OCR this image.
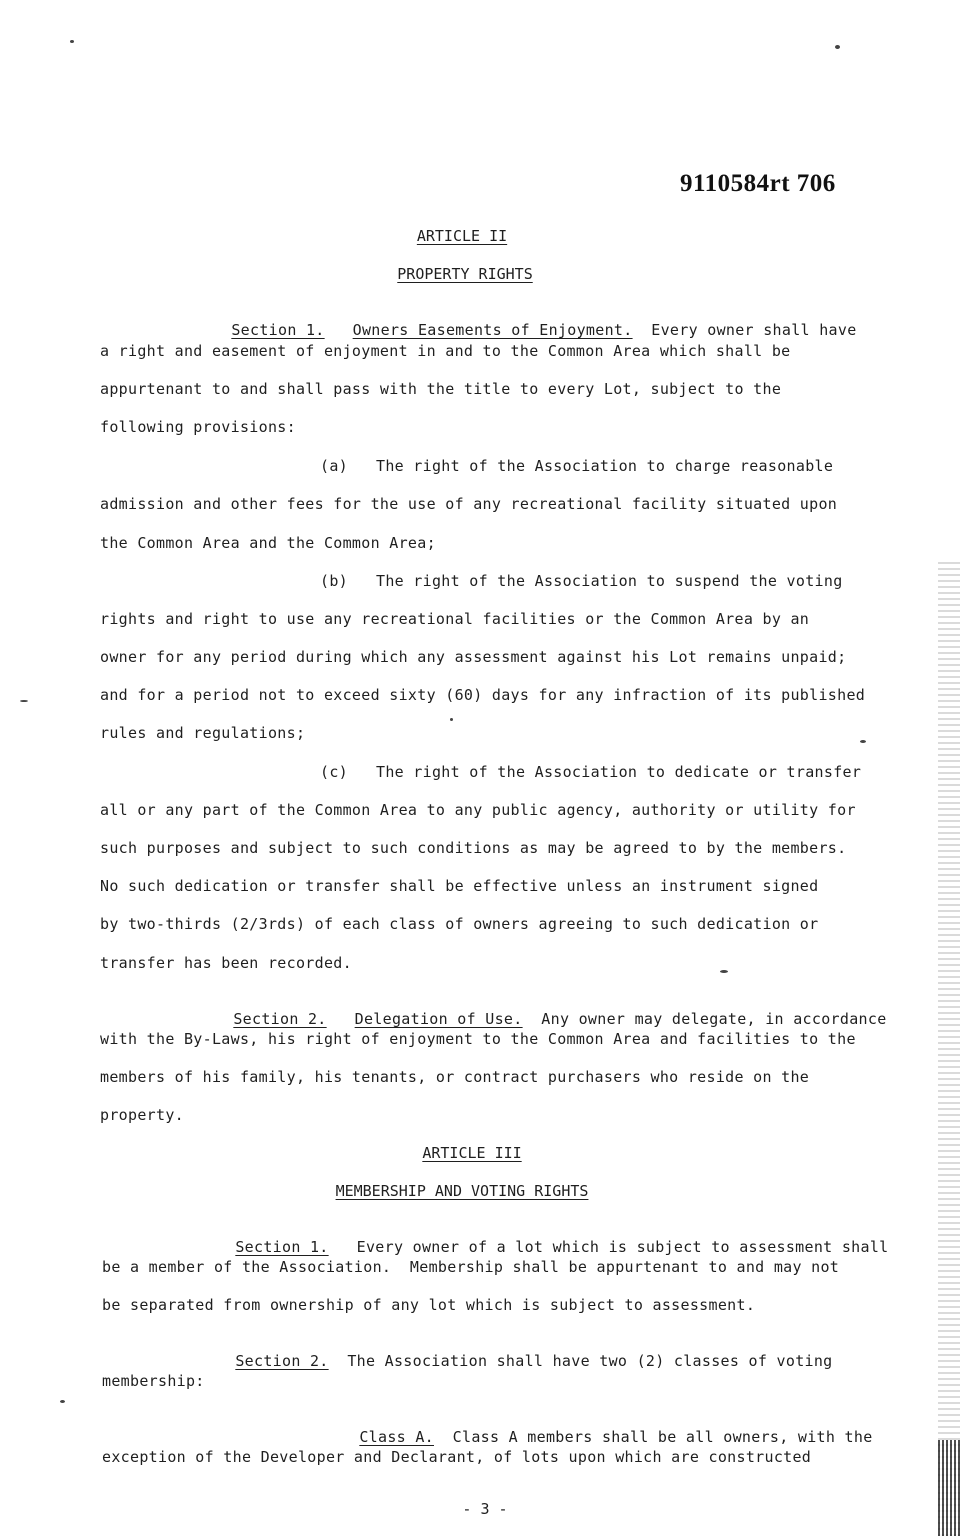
9110584rt 706
ARTICLE II
PROPERTY RIGHTS

Section 1. Owners Easements of Enjoyment. Every owner shall have

a right and easement of enjoyment in and to the Common Area which shall be
appurtenant to and shall pass with the title to every Lot, subject to the
following provisions:
(a)   The right of the Association to charge reasonable
admission and other fees for the use of any recreational facility situated upon
the Common Area and the Common Area;
(b)   The right of the Association to suspend the voting
rights and right to use any recreational facilities or the Common Area by an
owner for any period during which any assessment against his Lot remains unpaid;
and for a period not to exceed sixty (60) days for any infraction of its published
rules and regulations;
(c)   The right of the Association to dedicate or transfer
all or any part of the Common Area to any public agency, authority or utility for
such purposes and subject to such conditions as may be agreed to by the members.
No such dedication or transfer shall be effective unless an instrument signed
by two-thirds (2/3rds) of each class of owners agreeing to such dedication or
transfer has been recorded.

Section 2. Delegation of Use. Any owner may delegate, in accordance

with the By-Laws, his right of enjoyment to the Common Area and facilities to the
members of his family, his tenants, or contract purchasers who reside on the
property.
ARTICLE III
MEMBERSHIP AND VOTING RIGHTS

Section 1. Every owner of a lot which is subject to assessment shall

be a member of the Association.  Membership shall be appurtenant to and may not
be separated from ownership of any lot which is subject to assessment.

Section 2. The Association shall have two (2) classes of voting

membership:

Class A. Class A members shall be all owners, with the

exception of the Developer and Declarant, of lots upon which are constructed
- 3 -
